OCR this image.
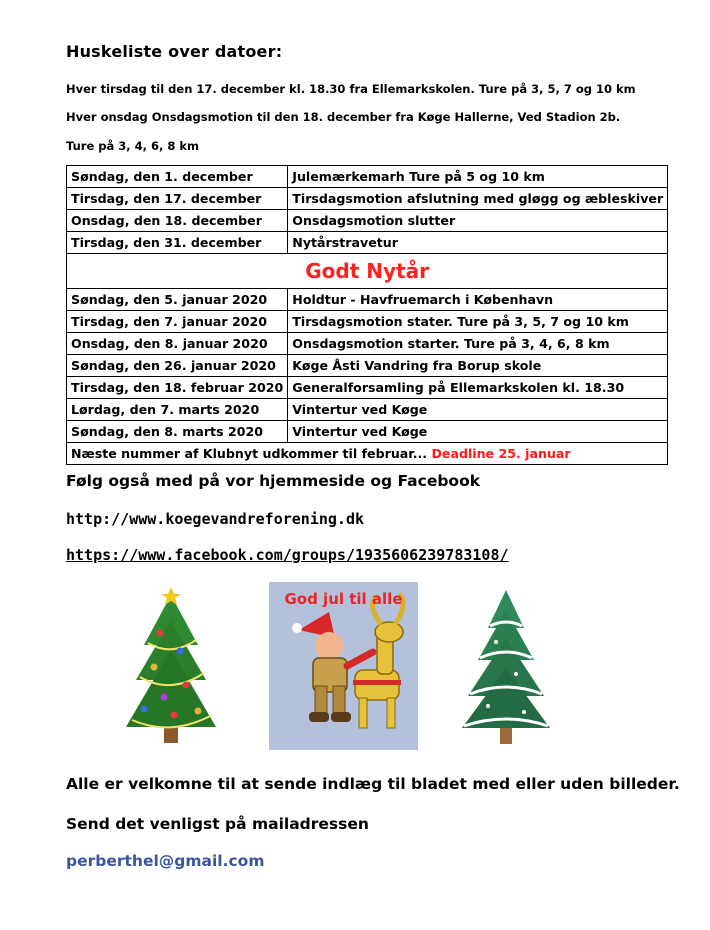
Huskeliste over datoer:
Hver tirsdag til den 17. december kl. 18.30 fra Ellemarkskolen. Ture på 3, 5, 7 og 10 km
Hver onsdag Onsdagsmotion til den 18. december fra Køge Hallerne, Ved Stadion 2b.
Ture på 3, 4, 6, 8 km
Søndag, den 1. december	Julemærkemarh Ture på 5 og 10 km
Tirsdag, den 17. december	Tirsdagsmotion afslutning med gløgg og æbleskiver
Onsdag, den 18. december	Onsdagsmotion slutter
Tirsdag, den 31. december	Nytårstravetur
Godt Nytår	
Søndag, den 5. januar 2020	Holdtur - Havfruemarch i København
Tirsdag, den 7. januar 2020	Tirsdagsmotion stater. Ture på 3, 5, 7 og 10 km
Onsdag, den 8. januar 2020	Onsdagsmotion starter. Ture på 3, 4, 6, 8 km
Søndag, den 26. januar 2020	Køge Åsti Vandring fra Borup skole
Tirsdag, den 18. februar 2020	Generalforsamling på Ellemarkskolen kl. 18.30
Lørdag, den 7. marts 2020	Vintertur ved Køge
Søndag, den 8. marts 2020	Vintertur ved Køge
Næste nummer af Klubnyt udkommer til februar... Deadline 25. januar	
Følg også med på vor hjemmeside og Facebook
http://www.koegevandreforening.dk
https://www.facebook.com/groups/1935606239783108/
God jul til alle
Alle er velkomne til at sende indlæg til bladet med eller uden billeder.
Send det venligst på mailadressen
perberthel@gmail.com
